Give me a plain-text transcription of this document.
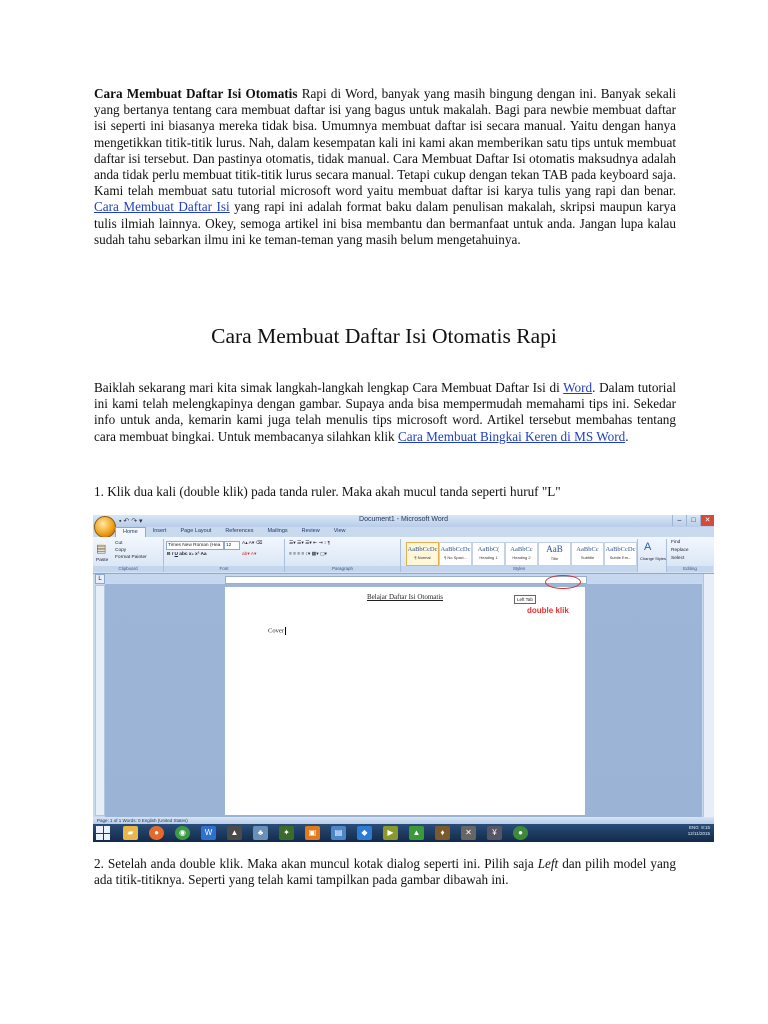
Cara Membuat Daftar Isi Otomatis Rapi di Word, banyak yang masih bingung dengan ini. Banyak sekali yang bertanya tentang cara membuat daftar isi yang bagus untuk makalah. Bagi para newbie membuat daftar isi seperti ini biasanya mereka tidak bisa. Umumnya membuat daftar isi secara manual. Yaitu dengan hanya mengetikkan titik-titik lurus. Nah, dalam kesempatan kali ini kami akan memberikan satu tips untuk membuat daftar isi tersebut. Dan pastinya otomatis, tidak manual. Cara Membuat Daftar Isi otomatis maksudnya adalah anda tidak perlu membuat titik-titik lurus secara manual. Tetapi cukup dengan tekan TAB pada keyboard saja. Kami telah membuat satu tutorial microsoft word yaitu membuat daftar isi karya tulis yang rapi dan benar. Cara Membuat Daftar Isi yang rapi ini adalah format baku dalam penulisan makalah, skripsi maupun karya tulis ilmiah lainnya. Okey, semoga artikel ini bisa membantu dan bermanfaat untuk anda. Jangan lupa kalau sudah tahu sebarkan ilmu ini ke teman-teman yang masih belum mengetahuinya.
Cara Membuat Daftar Isi Otomatis Rapi
Baiklah sekarang mari kita simak langkah-langkah lengkap Cara Membuat Daftar Isi di Word. Dalam tutorial ini kami telah melengkapinya dengan gambar. Supaya anda bisa mempermudah memahami tips ini. Sekedar info untuk anda, kemarin kami juga telah menulis tips microsoft word. Artikel tersebut membahas tentang cara membuat bingkai. Untuk membacanya silahkan klik Cara Membuat Bingkai Keren di MS Word.
1. Klik dua kali (double klik) pada tanda ruler. Maka akah mucul tanda seperti huruf "L"
▪ ↶ ↷ ▾	Document1 - Microsoft Word	–	□	✕
Home	Insert	Page Layout	References	Mailings	Review	View
▤
Paste
Cut
Copy
Format Painter
Clipboard
Times New Roman (Hea	12	A▴ A▾ ⌫
B I U abc x₂ x² Aa	ab▾ A▾
Font
☰▾ ☰▾ ☰▾ ⇤ ⇥ ↕ ¶
≡ ≡ ≡ ≡ ↕▾ ▦▾ ▢▾
Paragraph
AaBbCcDc
¶ Normal
AaBbCcDc
¶ No Spaci...
AaBbC(
Heading 1
AaBbCc
Heading 2
AaB
Title
AaBbCc
Subtitle
AaBbCcDc
Subtle Em...
Styles
A
Change Styles
Find
Replace
Select
Editing
L
Belajar Daftar Isi Otomatis
Cover
Left Tab
double klik
Page: 1 of 1 Words: 0 English (United States)
▰	●	◉	W	▲	♣	✦	▣	▤	◆	▶	▲	♦	✕	¥	●
ENG 8:15
12/11/2015
2. Setelah anda double klik. Maka akan muncul kotak dialog seperti ini. Pilih saja Left dan pilih model yang ada titik-titiknya. Seperti yang telah kami tampilkan pada gambar dibawah ini.
